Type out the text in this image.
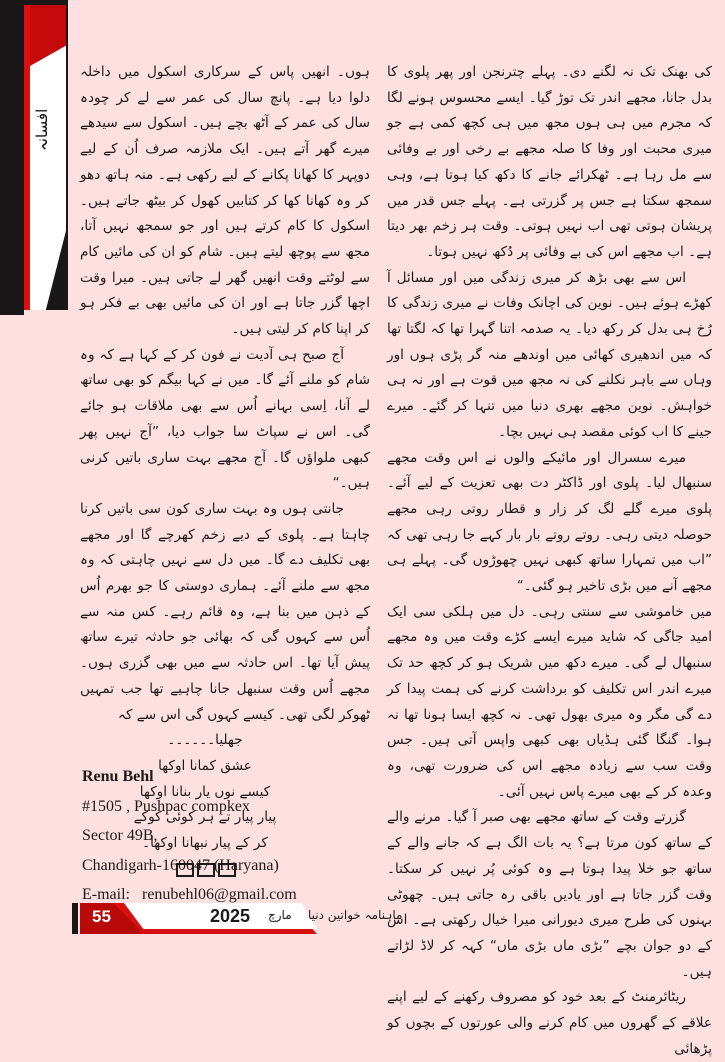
افسانہ

ہوں۔ انھیں پاس کے سرکاری اسکول میں داخلہ دلوا دیا ہے۔ پانچ سال کی عمر سے لے کر چودہ سال کی عمر کے آٹھ بچے ہیں۔ اسکول سے سیدھے میرے گھر آتے ہیں۔ ایک ملازمہ صرف اُن کے لیے دوپہر کا کھانا پکانے کے لیے رکھی ہے۔ منہ ہاتھ دھو کر وہ کھانا کھا کر کتابیں کھول کر بیٹھ جاتے ہیں۔ اسکول کا کام کرتے ہیں اور جو سمجھ نہیں آتا، مجھ سے پوچھ لیتے ہیں۔ شام کو ان کی مائیں کام سے لوٹتے وقت انھیں گھر لے جاتی ہیں۔ میرا وقت اچھا گزر جاتا ہے اور ان کی مائیں بھی بے فکر ہو کر اپنا کام کر لیتی ہیں۔

آج صبح ہی آدیت نے فون کر کے کہا ہے کہ وہ شام کو ملنے آئے گا۔ میں نے کہا بیگم کو بھی ساتھ لے آنا، اِسی بہانے اُس سے بھی ملاقات ہو جائے گی۔ اس نے سپاٹ سا جواب دیا، ”آج نہیں پھر کبھی ملواؤں گا۔ آج مجھے بہت ساری باتیں کرنی ہیں۔“

جانتی ہوں وہ بہت ساری کون سی باتیں کرنا چاہتا ہے۔ پلوی کے دیے زخم کھرچے گا اور مجھے بھی تکلیف دے گا۔ میں دل سے نہیں چاہتی کہ وہ مجھ سے ملنے آئے۔ ہماری دوستی کا جو بھرم اُس کے ذہن میں بنا ہے، وہ قائم رہے۔ کس منہ سے اُس سے کہوں گی کہ بھائی جو حادثہ تیرے ساتھ پیش آیا تھا۔ اس حادثہ سے میں بھی گزری ہوں۔ مجھے اُس وقت سنبھل جانا چاہیے تھا جب تمہیں ٹھوکر لگی تھی۔ کیسے کہوں گی اس سے کہ

جھلیا۔۔۔۔۔۔
عشق کمانا اوکھا
کیسے نوں یار بنانا اوکھا
پیار پیار تے ہر کوئی کوکے
کر کے پیار نبھانا اوکھا۔
Renu Behl
#1505 , Pushpac compkex
Sector 49B,
Chandigarh-160047 (Haryana)
E-mail: renubehl06@gmail.com

کی بھنک تک نہ لگنے دی۔ پہلے چترنجن اور پھر پلوی کا بدل جانا، مجھے اندر تک توڑ گیا۔ ایسے محسوس ہونے لگا کہ مجرم میں ہی ہوں مجھ میں ہی کچھ کمی ہے جو میری محبت اور وفا کا صلہ مجھے بے رخی اور بے وفائی سے مل رہا ہے۔ ٹھکرائے جانے کا دکھ کیا ہوتا ہے، وہی سمجھ سکتا ہے جس پر گزرتی ہے۔ پہلے جس قدر میں پریشان ہوتی تھی اب نہیں ہوتی۔ وقت ہر زخم بھر دیتا ہے۔ اب مجھے اس کی بے وفائی پر دُکھ نہیں ہوتا۔

اس سے بھی بڑھ کر میری زندگی میں اور مسائل آ کھڑے ہوئے ہیں۔ نوین کی اچانک وفات نے میری زندگی کا رُخ ہی بدل کر رکھ دیا۔ یہ صدمہ اتنا گہرا تھا کہ لگتا تھا کہ میں اندھیری کھائی میں اوندھے منہ گر پڑی ہوں اور وہاں سے باہر نکلنے کی نہ مجھ میں قوت ہے اور نہ ہی خواہش۔ نوین مجھے بھری دنیا میں تنہا کر گئے۔ میرے جینے کا اب کوئی مقصد ہی نہیں بچا۔

میرے سسرال اور مائیکے والوں نے اس وقت مجھے سنبھال لیا۔ پلوی اور ڈاکٹر دت بھی تعزیت کے لیے آئے۔ پلوی میرے گلے لگ کر زار و قطار روتی رہی مجھے حوصلہ دیتی رہی۔ روتے روتے بار بار کہے جا رہی تھی کہ ”اب میں تمہارا ساتھ کبھی نہیں چھوڑوں گی۔ پہلے ہی مجھے آنے میں بڑی تاخیر ہو گئی۔“

میں خاموشی سے سنتی رہی۔ دل میں ہلکی سی ایک امید جاگی کہ شاید میرے ایسے کڑے وقت میں وہ مجھے سنبھال لے گی۔ میرے دکھ میں شریک ہو کر کچھ حد تک میرے اندر اس تکلیف کو برداشت کرنے کی ہمت پیدا کر دے گی مگر وہ میری بھول تھی۔ نہ کچھ ایسا ہونا تھا نہ ہوا۔ گنگا گئی ہڈیاں بھی کبھی واپس آتی ہیں۔ جس وقت سب سے زیادہ مجھے اس کی ضرورت تھی، وہ وعدہ کر کے بھی میرے پاس نہیں آئی۔

گزرتے وقت کے ساتھ مجھے بھی صبر آ گیا۔ مرنے والے کے ساتھ کون مرتا ہے؟ یہ بات الگ ہے کہ جانے والے کے ساتھ جو خلا پیدا ہوتا ہے وہ کوئی پُر نہیں کر سکتا۔ وقت گزر جاتا ہے اور یادیں باقی رہ جاتی ہیں۔ چھوٹی بہنوں کی طرح میری دیورانی میرا خیال رکھتی ہے۔ اس کے دو جوان بچے ”بڑی ماں بڑی ماں“ کہہ کر لاڈ لڑاتے ہیں۔

ریٹائرمنٹ کے بعد خود کو مصروف رکھنے کے لیے اپنے علاقے کے گھروں میں کام کرنے والی عورتوں کے بچوں کو پڑھائی

55	2025 مارچ ماہنامہ خواتین دنیا
